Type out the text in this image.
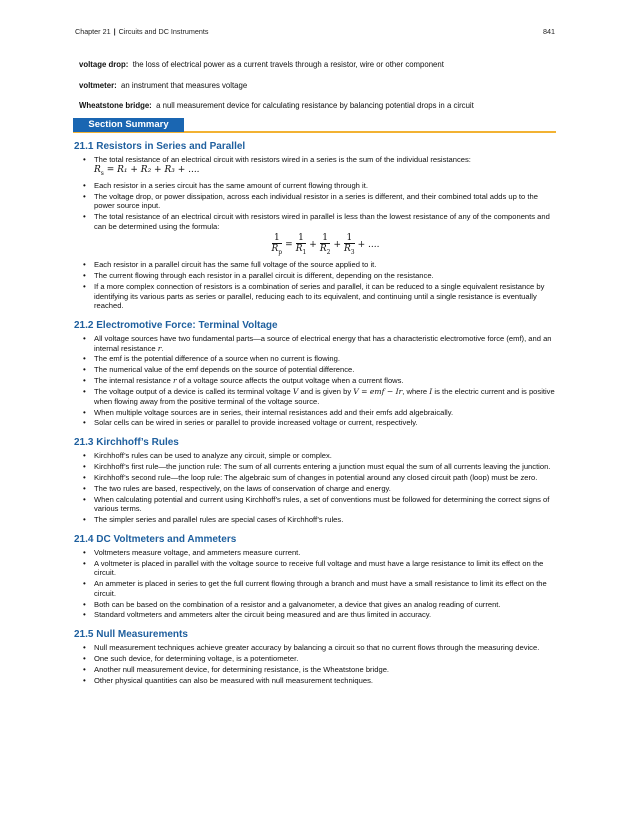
Chapter 21 | Circuits and DC Instruments	841

voltage drop: the loss of electrical power as a current travels through a resistor, wire or other component

voltmeter: an instrument that measures voltage

Wheatstone bridge: a null measurement device for calculating resistance by balancing potential drops in a circuit

Section Summary
21.1 Resistors in Series and Parallel
• The total resistance of an electrical circuit with resistors wired in a series is the sum of the individual resistances:
$R_s = R_1 + R_2 + R_3$ + ....
• Each resistor in a series circuit has the same amount of current flowing through it.
• The voltage drop, or power dissipation, across each individual resistor in a series is different, and their combined total adds up to the power source input.
• The total resistance of an electrical circuit with resistors wired in parallel is less than the lowest resistance of any of the components and can be determined using the formula:
$\frac{1}{R_p} = \frac{1}{R_1} + \frac{1}{R_2} + \frac{1}{R_3}$ + ....
• Each resistor in a parallel circuit has the same full voltage of the source applied to it.
• The current flowing through each resistor in a parallel circuit is different, depending on the resistance.
• If a more complex connection of resistors is a combination of series and parallel, it can be reduced to a single equivalent resistance by identifying its various parts as series or parallel, reducing each to its equivalent, and continuing until a single resistance is eventually reached.
21.2 Electromotive Force: Terminal Voltage
• All voltage sources have two fundamental parts—a source of electrical energy that has a characteristic electromotive force (emf), and an internal resistance r.
• The emf is the potential difference of a source when no current is flowing.
• The numerical value of the emf depends on the source of potential difference.
• The internal resistance r of a voltage source affects the output voltage when a current flows.
• The voltage output of a device is called its terminal voltage V and is given by V = emf − Ir, where I is the electric current and is positive when flowing away from the positive terminal of the voltage source.
• When multiple voltage sources are in series, their internal resistances add and their emfs add algebraically.
• Solar cells can be wired in series or parallel to provide increased voltage or current, respectively.
21.3 Kirchhoff’s Rules
• Kirchhoff’s rules can be used to analyze any circuit, simple or complex.
• Kirchhoff’s first rule—the junction rule: The sum of all currents entering a junction must equal the sum of all currents leaving the junction.
• Kirchhoff’s second rule—the loop rule: The algebraic sum of changes in potential around any closed circuit path (loop) must be zero.
• The two rules are based, respectively, on the laws of conservation of charge and energy.
• When calculating potential and current using Kirchhoff’s rules, a set of conventions must be followed for determining the correct signs of various terms.
• The simpler series and parallel rules are special cases of Kirchhoff’s rules.
21.4 DC Voltmeters and Ammeters
• Voltmeters measure voltage, and ammeters measure current.
• A voltmeter is placed in parallel with the voltage source to receive full voltage and must have a large resistance to limit its effect on the circuit.
• An ammeter is placed in series to get the full current flowing through a branch and must have a small resistance to limit its effect on the circuit.
• Both can be based on the combination of a resistor and a galvanometer, a device that gives an analog reading of current.
• Standard voltmeters and ammeters alter the circuit being measured and are thus limited in accuracy.
21.5 Null Measurements
• Null measurement techniques achieve greater accuracy by balancing a circuit so that no current flows through the measuring device.
• One such device, for determining voltage, is a potentiometer.
• Another null measurement device, for determining resistance, is the Wheatstone bridge.
• Other physical quantities can also be measured with null measurement techniques.
